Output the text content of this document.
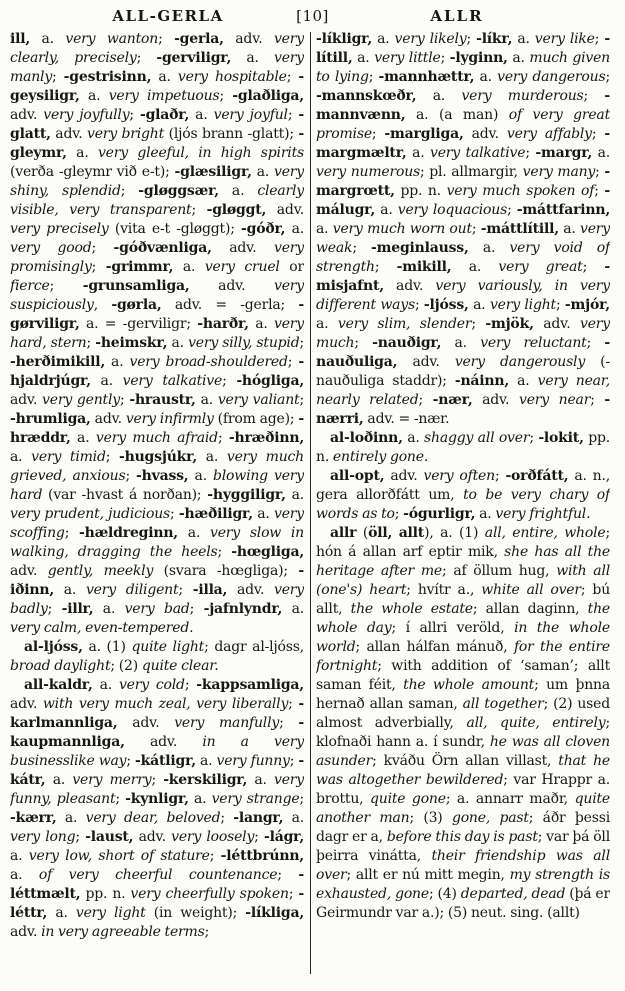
ALL-GERLA	[10]	ALLR

ill, a. very wanton; -gerla, adv. very clearly, precisely; -gerviligr, a. very manly; -gestrisinn, a. very hospitable; -geysiligr, a. very impetuous; -glaðliga, adv. very joyfully; -glaðr, a. very joyful; -glatt, adv. very bright (ljós brann -glatt); -gleymr, a. very gleeful, in high spirits (verða -gleymr við e-t); -glæsiligr, a. very shiny, splendid; -gløggsær, a. clearly visible, very transparent; -gløggt, adv. very precisely (vita e-t -gløggt); -góðr, a. very good; -góðvænliga, adv. very promisingly; -grimmr, a. very cruel or fierce; -grunsamliga, adv. very suspiciously, -gørla, adv. = -gerla; -gørviligr, a. = -gerviligr; -harðr, a. very hard, stern; -heimskr, a. very silly, stupid; -herðimikill, a. very broad-shouldered; -hjaldrjúgr, a. very talkative; -hógliga, adv. very gently; -hraustr, a. very valiant; -hrumliga, adv. very infirmly (from age); -hræddr, a. very much afraid; -hræðinn, a. very timid; -hugsjúkr, a. very much grieved, anxious; -hvass, a. blowing very hard (var -hvast á norðan); -hyggiligr, a. very prudent, judicious; -hæðiligr, a. very scoffing; -hældreginn, a. very slow in walking, dragging the heels; -hœgliga, adv. gently, meekly (svara -hœgliga); -iðinn, a. very diligent; -illa, adv. very badly; -illr, a. very bad; -jafnlyndr, a. very calm, even-tempered.

al-ljóss, a. (1) quite light; dagr al-ljóss, broad daylight; (2) quite clear.

all-kaldr, a. very cold; -kappsamliga, adv. with very much zeal, very liberally; -karlmannliga, adv. very manfully; -kaupmannliga, adv. in a very businesslike way; -kátligr, a. very funny; -kátr, a. very merry; -kerskiligr, a. very funny, pleasant; -kynligr, a. very strange; -kærr, a. very dear, beloved; -langr, a. very long; -laust, adv. very loosely; -lágr, a. very low, short of stature; -léttbrúnn, a. of very cheerful countenance; -léttmælt, pp. n. very cheerfully spoken; -léttr, a. very light (in weight); -líkliga, adv. in very agreeable terms;

-líkligr, a. very likely; -líkr, a. very like; -lítill, a. very little; -lyginn, a. much given to lying; -mannhættr, a. very dangerous; -mannskœðr, a. very murderous; -mannvænn, a. (a man) of very great promise; -margliga, adv. very affably; -margmæltr, a. very talkative; -margr, a. very numerous; pl. allmargir, very many; -margrœtt, pp. n. very much spoken of; -málugr, a. very loquacious; -máttfarinn, a. very much worn out; -máttlítill, a. very weak; -meginlauss, a. very void of strength; -mikill, a. very great; -misjafnt, adv. very variously, in very different ways; -ljóss, a. very light; -mjór, a. very slim, slender; -mjök, adv. very much; -nauðigr, a. very reluctant; -nauðuliga, adv. very dangerously (-nauðuliga staddr); -náinn, a. very near, nearly related; -nær, adv. very near; -nærri, adv. = -nær.

al-loðinn, a. shaggy all over; -lokit, pp. n. entirely gone.

all-opt, adv. very often; -orðfátt, a. n., gera allorðfátt um, to be very chary of words as to; -ógurligr, a. very frightful.

allr (öll, allt), a. (1) all, entire, whole; hón á allan arf eptir mik, she has all the heritage after me; af öllum hug, with all (one's) heart; hvítr a., white all over; bú allt, the whole estate; allan daginn, the whole day; í allri veröld, in the whole world; allan hálfan mánuð, for the entire fortnight; with addition of ‘saman’; allt saman féit, the whole amount; um þnna hernað allan saman, all together; (2) used almost adverbially, all, quite, entirely; klofnaði hann a. í sundr, he was all cloven asunder; kváðu Örn allan villast, that he was altogether bewildered; var Hrappr a. brottu, quite gone; a. annarr maðr, quite another man; (3) gone, past; áðr þessi dagr er a, before this day is past; var þá öll þeirra vinátta, their friendship was all over; allt er nú mitt megin, my strength is exhausted, gone; (4) departed, dead (þá er Geirmundr var a.); (5) neut. sing. (allt)
